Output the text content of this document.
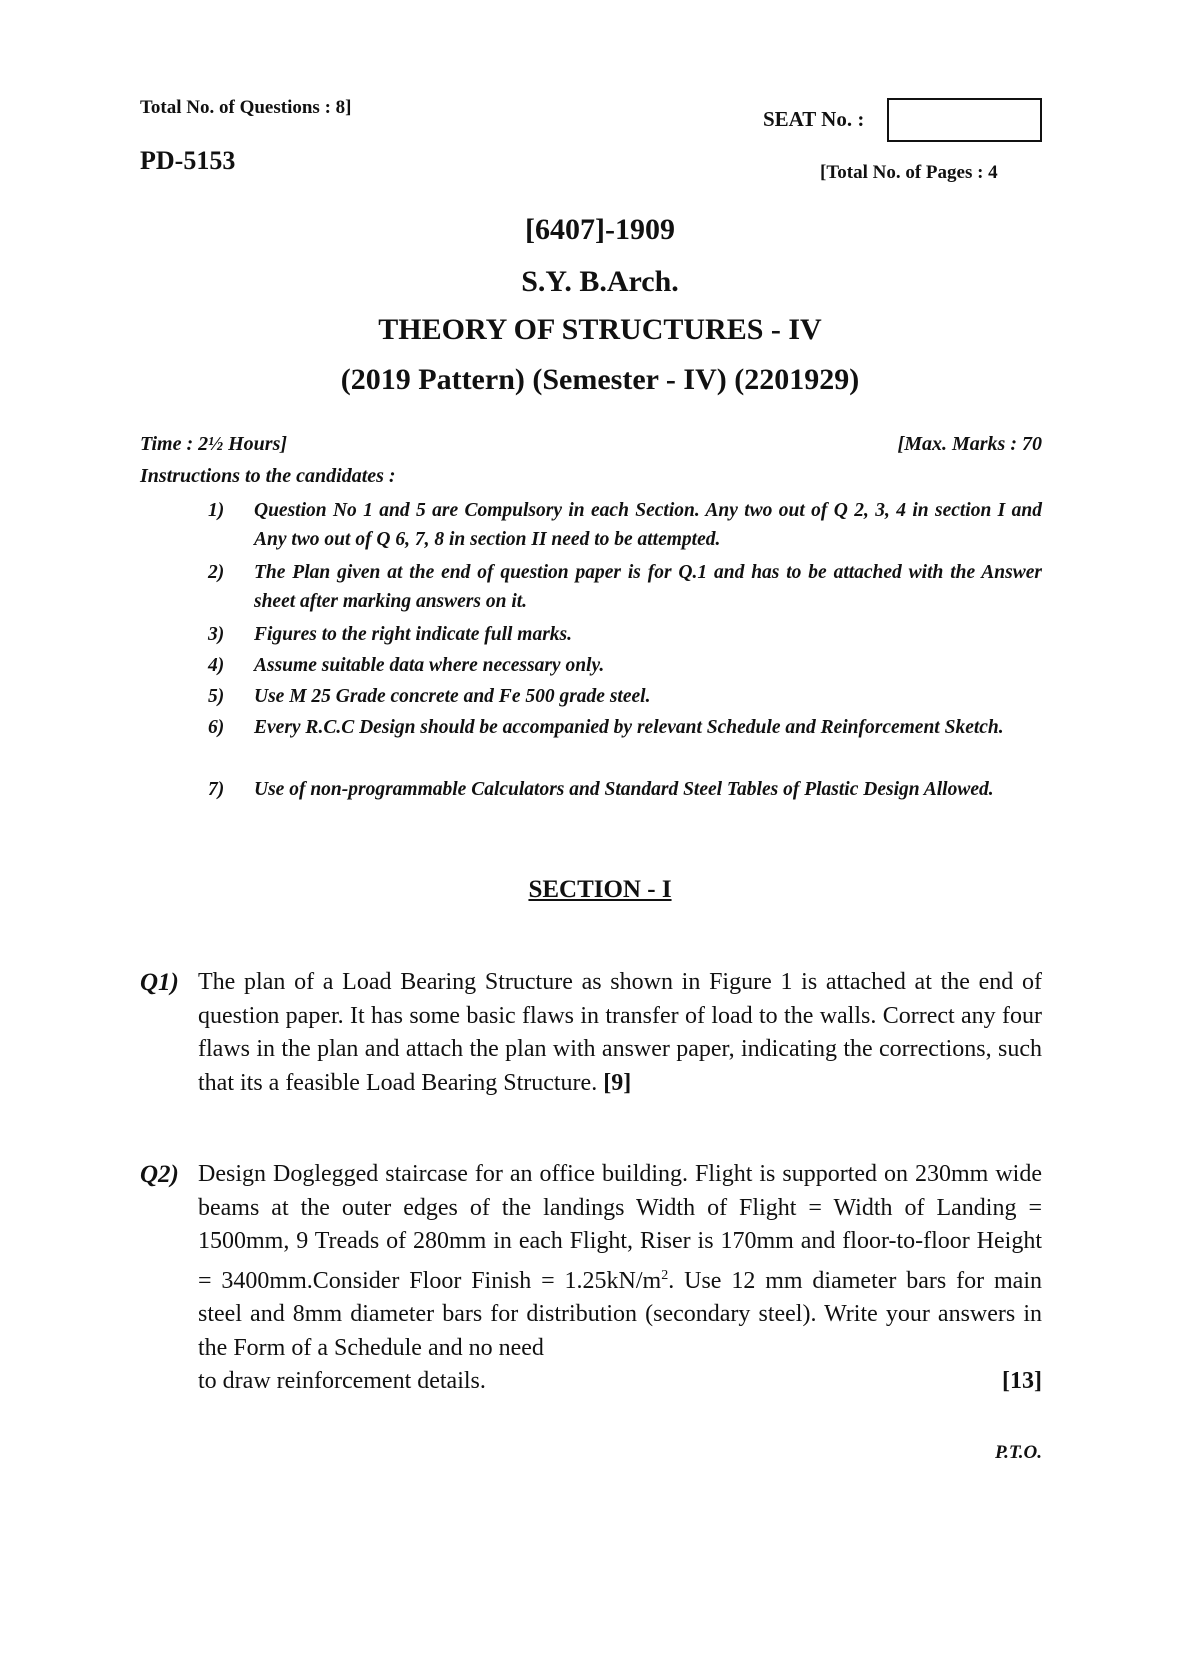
Total No. of Questions : 8]
PD-5153
SEAT No. :
[Total No. of Pages : 4
[6407]-1909
S.Y. B.Arch.
THEORY OF STRUCTURES - IV
(2019 Pattern) (Semester - IV) (2201929)
Time : 2½ Hours]	[Max. Marks : 70
Instructions to the candidates :
1) Question No 1 and 5 are Compulsory in each Section. Any two out of Q 2, 3, 4 in section I and Any two out of Q 6, 7, 8 in section II need to be attempted.
2) The Plan given at the end of question paper is for Q.1 and has to be attached with the Answer sheet after marking answers on it.
3) Figures to the right indicate full marks.
4) Assume suitable data where necessary only.
5) Use M 25 Grade concrete and Fe 500 grade steel.
6) Every R.C.C Design should be accompanied by relevant Schedule and Reinforcement Sketch.
7) Use of non-programmable Calculators and Standard Steel Tables of Plastic Design Allowed.
SECTION - I
Q1) The plan of a Load Bearing Structure as shown in Figure 1 is attached at the end of question paper. It has some basic flaws in transfer of load to the walls. Correct any four flaws in the plan and attach the plan with answer paper, indicating the corrections, such that its a feasible Load Bearing Structure. [9]
Q2) Design Doglegged staircase for an office building. Flight is supported on 230mm wide beams at the outer edges of the landings Width of Flight = Width of Landing = 1500mm, 9 Treads of 280mm in each Flight, Riser is 170mm and floor-to-floor Height = 3400mm.Consider Floor Finish = $1.25kN/m^2$. Use 12 mm diameter bars for main steel and 8mm diameter bars for distribution (secondary steel). Write your answers in the Form of a Schedule and no need
to draw reinforcement details.	[13]
P.T.O.
